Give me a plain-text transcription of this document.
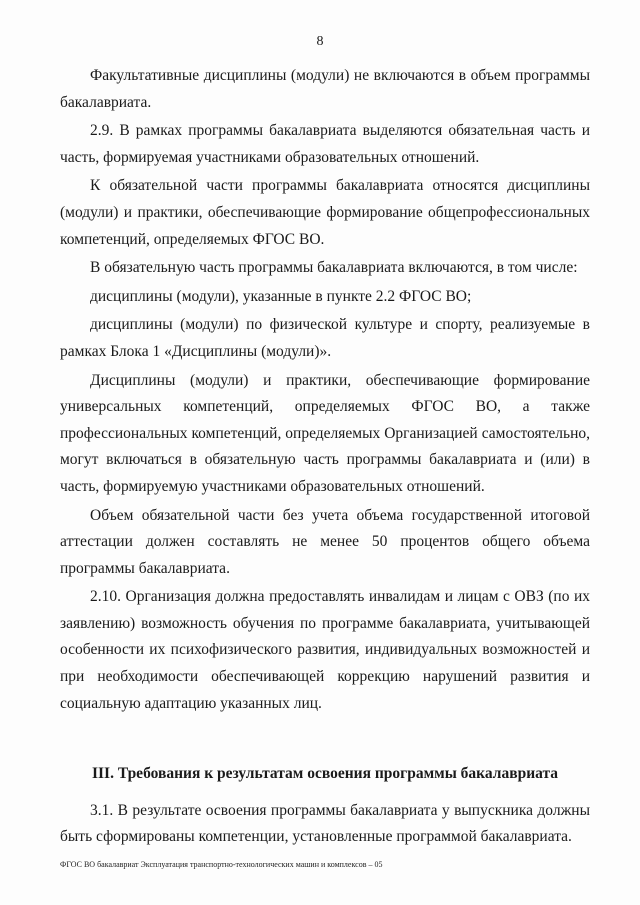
8

Факультативные дисциплины (модули) не включаются в объем программы бакалавриата.

2.9. В рамках программы бакалавриата выделяются обязательная часть и часть, формируемая участниками образовательных отношений.

К обязательной части программы бакалавриата относятся дисциплины (модули) и практики, обеспечивающие формирование общепрофессиональных компетенций, определяемых ФГОС ВО.

В обязательную часть программы бакалавриата включаются, в том числе:

дисциплины (модули), указанные в пункте 2.2 ФГОС ВО;

дисциплины (модули) по физической культуре и спорту, реализуемые в рамках Блока 1 «Дисциплины (модули)».

Дисциплины (модули) и практики, обеспечивающие формирование универсальных компетенций, определяемых ФГОС ВО, а также профессиональных компетенций, определяемых Организацией самостоятельно, могут включаться в обязательную часть программы бакалавриата и (или) в часть, формируемую участниками образовательных отношений.

Объем обязательной части без учета объема государственной итоговой аттестации должен составлять не менее 50 процентов общего объема программы бакалавриата.

2.10. Организация должна предоставлять инвалидам и лицам с ОВЗ (по их заявлению) возможность обучения по программе бакалавриата, учитывающей особенности их психофизического развития, индивидуальных возможностей и при необходимости обеспечивающей коррекцию нарушений развития и социальную адаптацию указанных лиц.

III. Требования к результатам освоения программы бакалавриата

3.1. В результате освоения программы бакалавриата у выпускника должны быть сформированы компетенции, установленные программой бакалавриата.

ФГОС ВО бакалавриат Эксплуатация транспортно-технологических машин и комплексов – 05
